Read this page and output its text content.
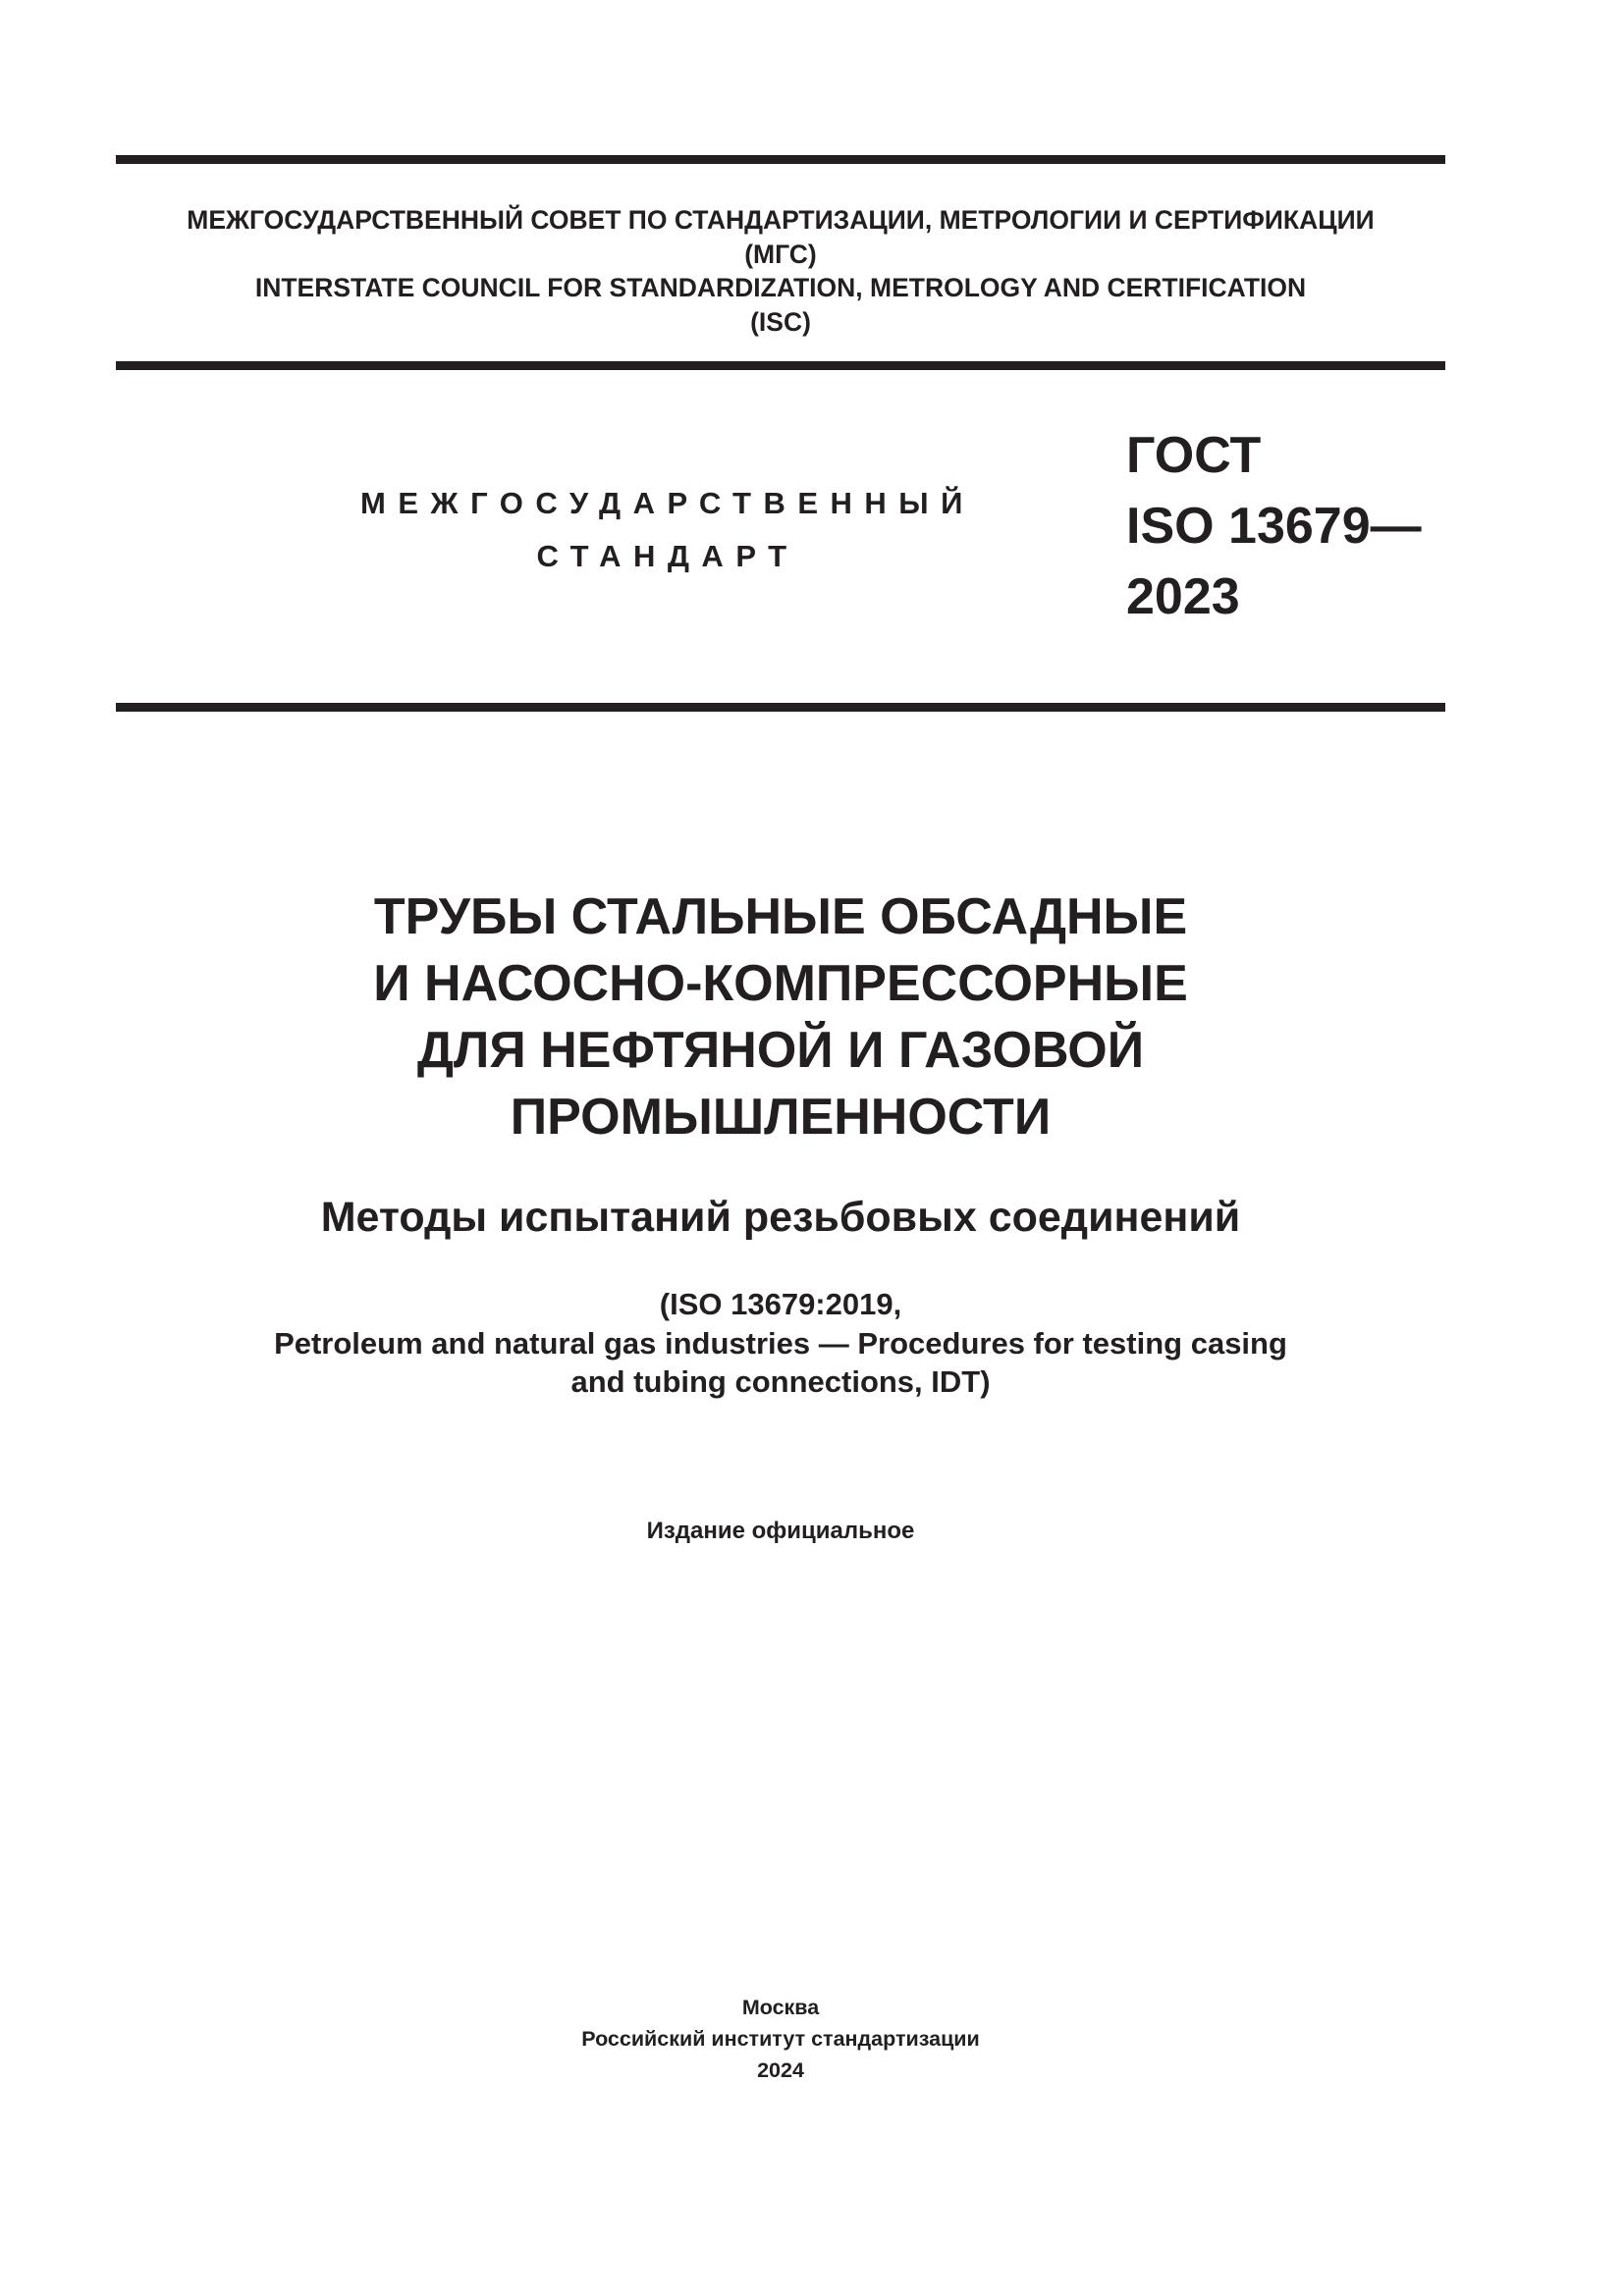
МЕЖГОСУДАРСТВЕННЫЙ СОВЕТ ПО СТАНДАРТИЗАЦИИ, МЕТРОЛОГИИ И СЕРТИФИКАЦИИ
(МГС)
INTERSTATE COUNCIL FOR STANDARDIZATION, METROLOGY AND CERTIFICATION
(ISC)
МЕЖГОСУДАРСТВЕННЫЙ
СТАНДАРТ
ГОСТ
ISO 13679—
2023
ТРУБЫ СТАЛЬНЫЕ ОБСАДНЫЕ
И НАСОСНО-КОМПРЕССОРНЫЕ
ДЛЯ НЕФТЯНОЙ И ГАЗОВОЙ
ПРОМЫШЛЕННОСТИ
Методы испытаний резьбовых соединений
(ISO 13679:2019,
Petroleum and natural gas industries — Procedures for testing casing
and tubing connections, IDT)
Издание официальное
Москва
Российский институт стандартизации
2024
